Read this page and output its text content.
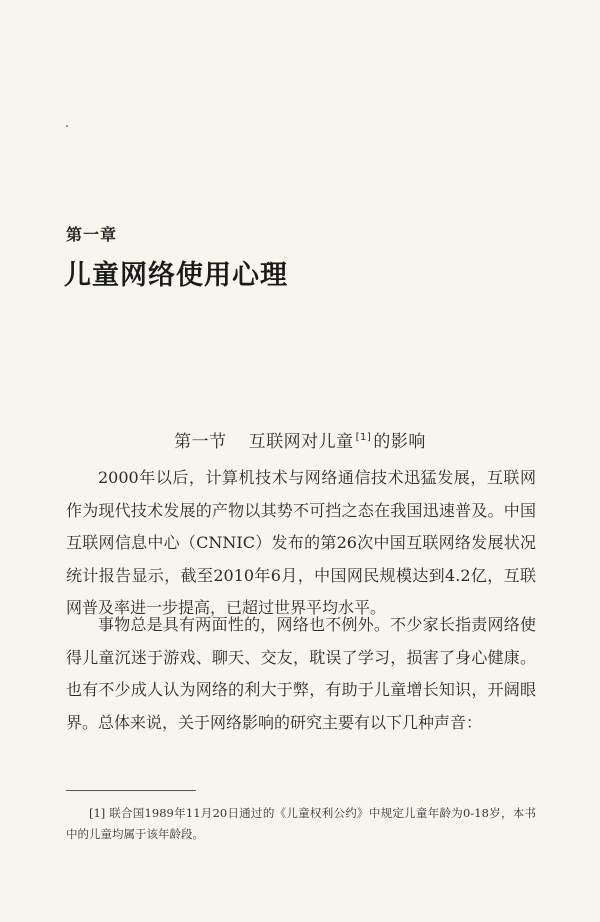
第一章
儿童网络使用心理
第一节 互联网对儿童 [1] 的影响

2000年以后，计算机技术与网络通信技术迅猛发展，互联网作为现代技术发展的产物以其势不可挡之态在我国迅速普及。中国互联网信息中心（CNNIC）发布的第26次中国互联网络发展状况统计报告显示，截至2010年6月，中国网民规模达到4.2亿，互联网普及率进一步提高，已超过世界平均水平。

事物总是具有两面性的，网络也不例外。不少家长指责网络使得儿童沉迷于游戏、聊天、交友，耽误了学习，损害了身心健康。也有不少成人认为网络的利大于弊，有助于儿童增长知识，开阔眼界。总体来说，关于网络影响的研究主要有以下几种声音：

[1] 联合国1989年11月20日通过的《儿童权利公约》中规定儿童年龄为0-18岁，本书中的儿童均属于该年龄段。
